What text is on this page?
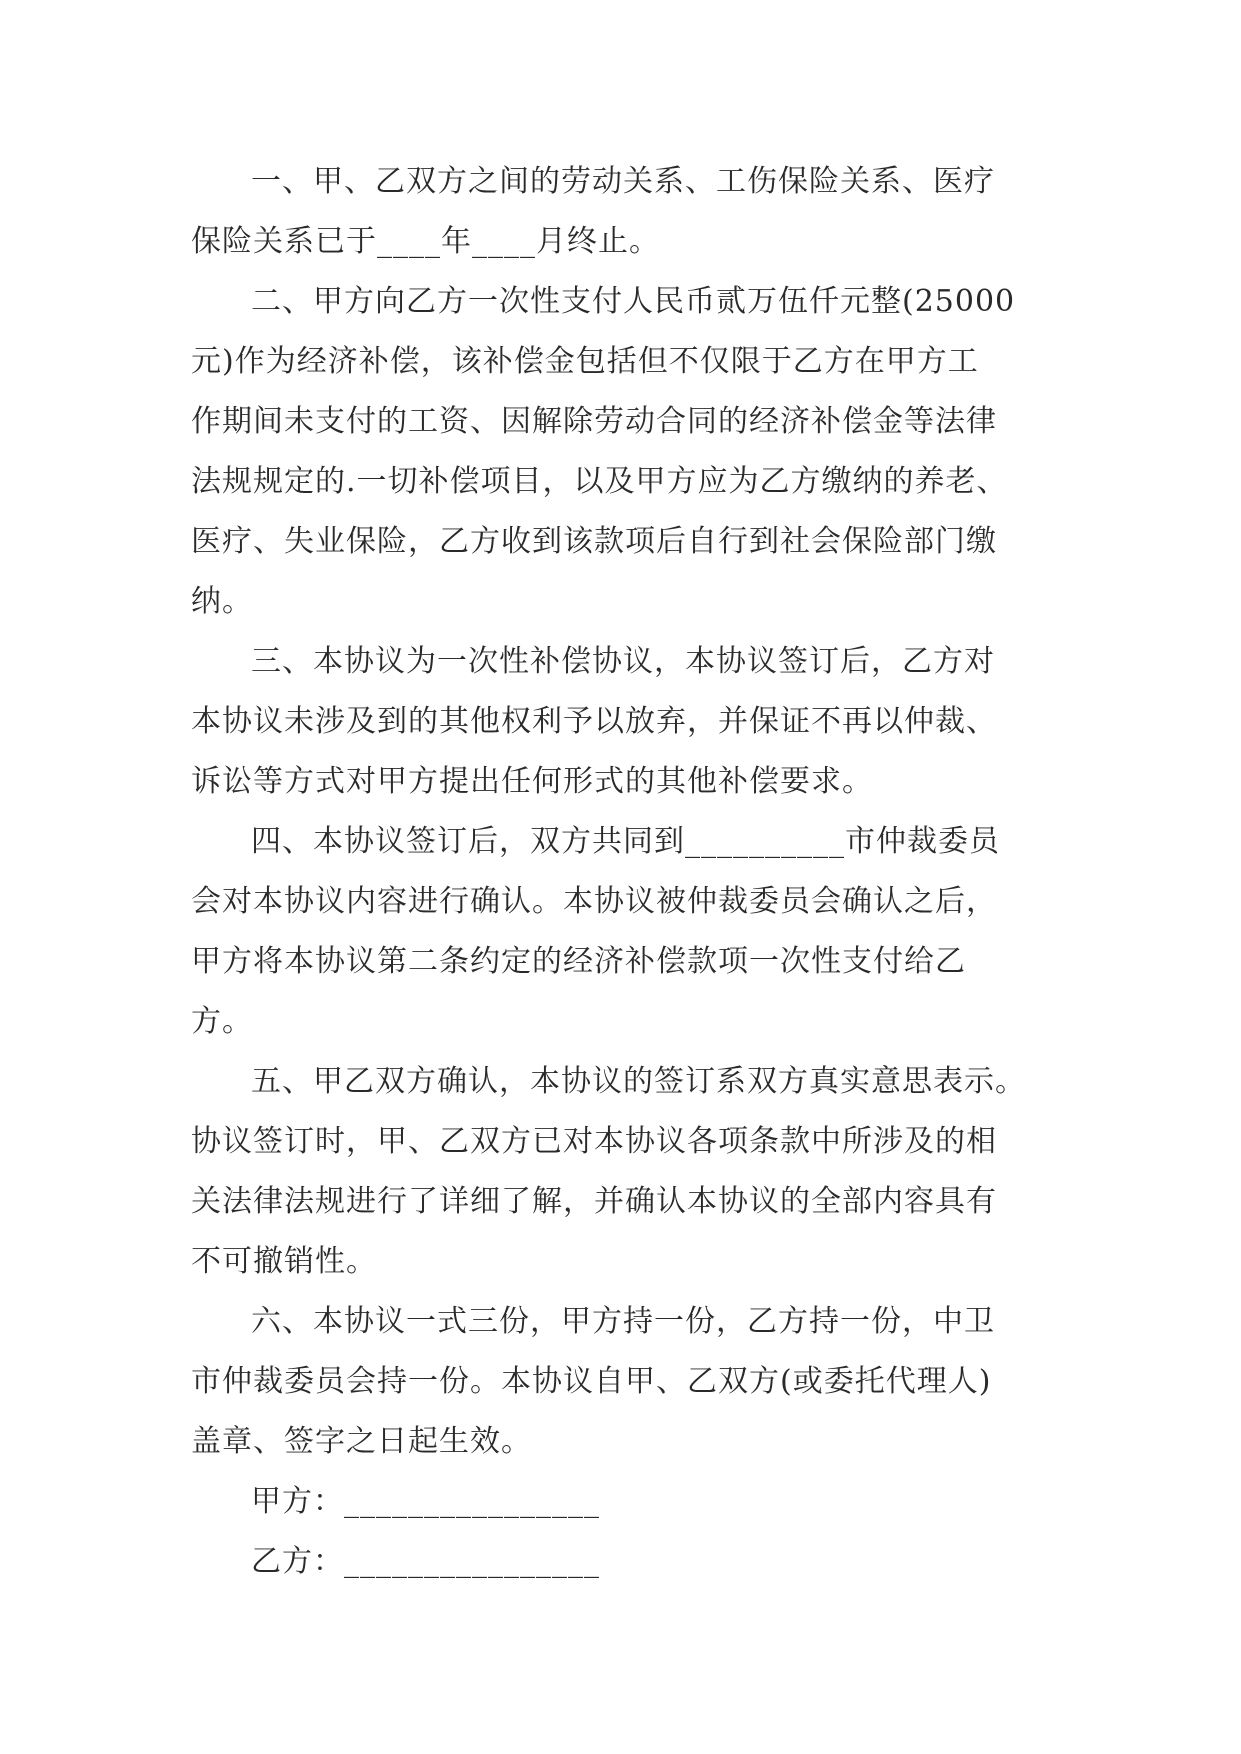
一、甲、乙双方之间的劳动关系、工伤保险关系、医疗
保险关系已于____年____月终止。

二、甲方向乙方一次性支付人民币贰万伍仟元整(25000
元)作为经济补偿，该补偿金包括但不仅限于乙方在甲方工
作期间未支付的工资、因解除劳动合同的经济补偿金等法律
法规规定的.一切补偿项目，以及甲方应为乙方缴纳的养老、
医疗、失业保险，乙方收到该款项后自行到社会保险部门缴
纳。

三、本协议为一次性补偿协议，本协议签订后，乙方对
本协议未涉及到的其他权利予以放弃，并保证不再以仲裁、
诉讼等方式对甲方提出任何形式的其他补偿要求。

四、本协议签订后，双方共同到__________市仲裁委员
会对本协议内容进行确认。本协议被仲裁委员会确认之后，
甲方将本协议第二条约定的经济补偿款项一次性支付给乙
方。

五、甲乙双方确认，本协议的签订系双方真实意思表示。
协议签订时，甲、乙双方已对本协议各项条款中所涉及的相
关法律法规进行了详细了解，并确认本协议的全部内容具有
不可撤销性。

六、本协议一式三份，甲方持一份，乙方持一份，中卫
市仲裁委员会持一份。本协议自甲、乙双方(或委托代理人)
盖章、签字之日起生效。

甲方：________________

乙方：________________
